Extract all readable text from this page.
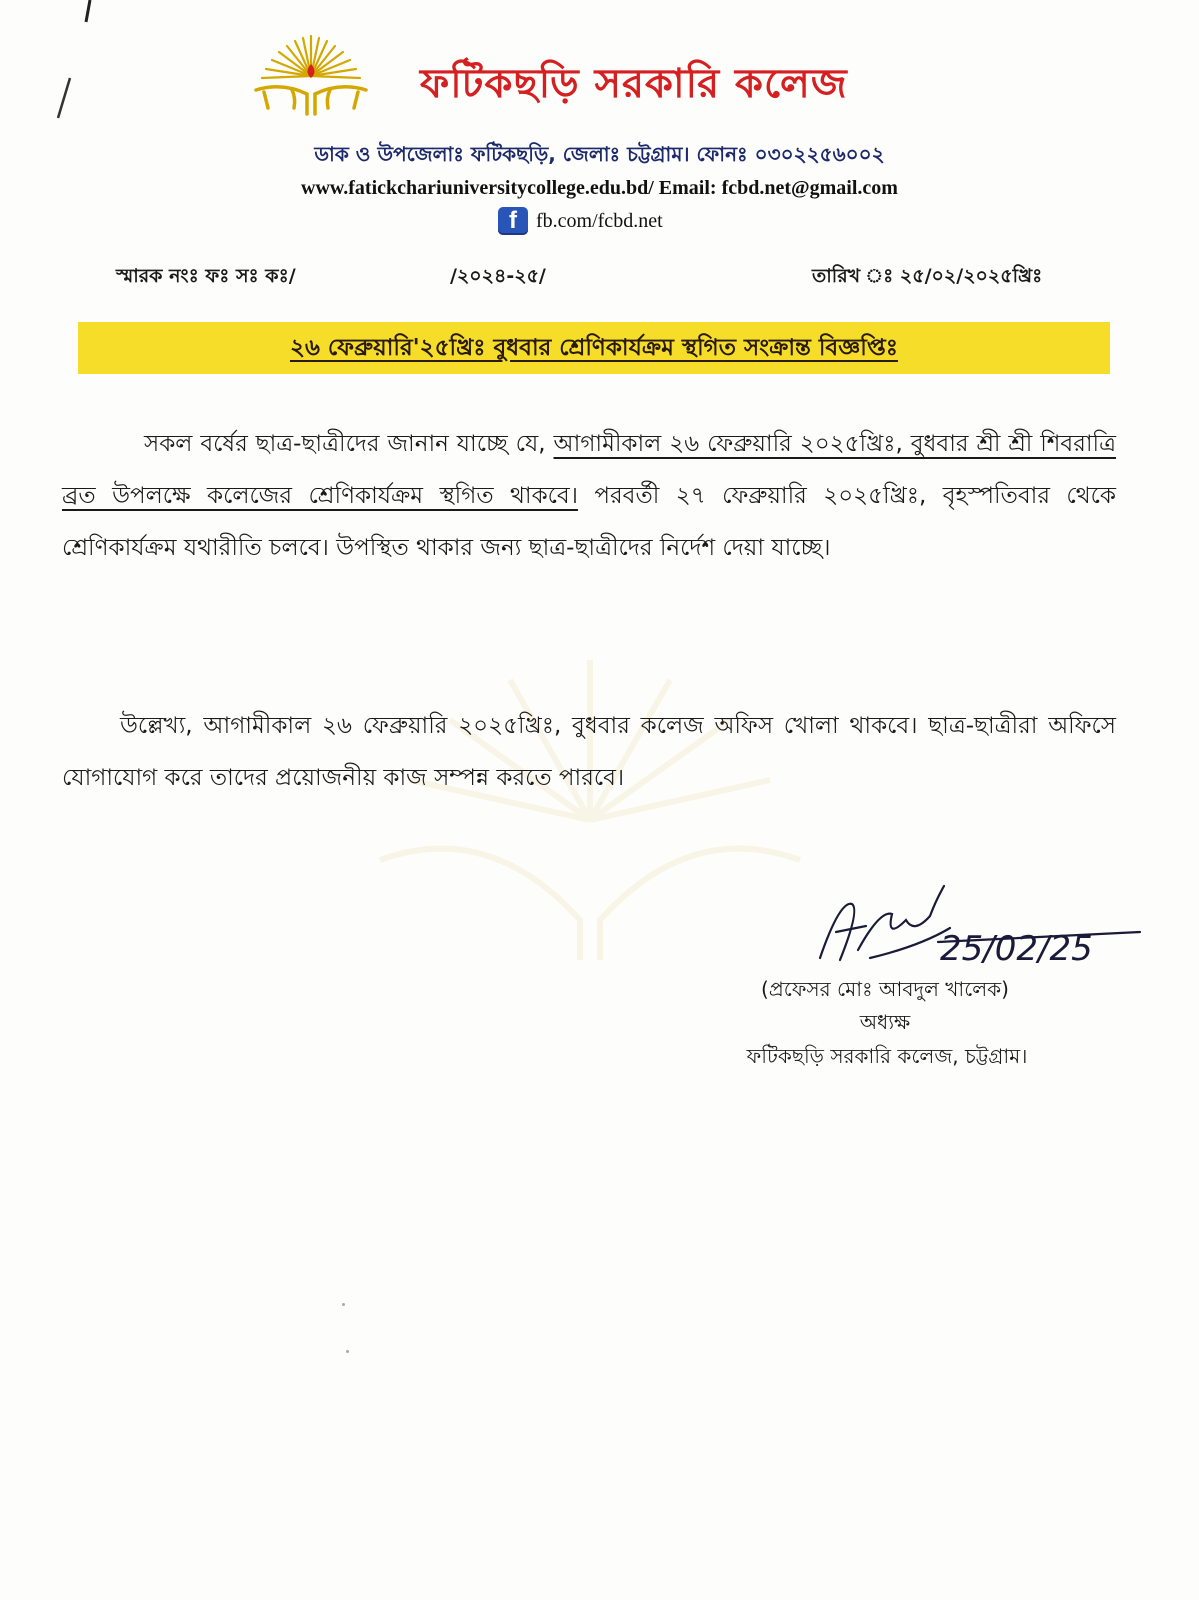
ফটিকছড়ি সরকারি কলেজ
ডাক ও উপজেলাঃ ফটিকছড়ি, জেলাঃ চট্টগ্রাম। ফোনঃ ০৩০২২৫৬০০২
www.fatickchariuniversitycollege.edu.bd/ Email: fcbd.net@gmail.com
f fb.com/fcbd.net
স্মারক নংঃ ফঃ সঃ কঃ/	/২০২৪-২৫/	তারিখ ঃ ২৫/০২/২০২৫খ্রিঃ
২৬ ফেব্রুয়ারি'২৫খ্রিঃ বুধবার শ্রেণিকার্যক্রম স্থগিত সংক্রান্ত বিজ্ঞপ্তিঃ
সকল বর্ষের ছাত্র-ছাত্রীদের জানান যাচ্ছে যে, আগামীকাল ২৬ ফেব্রুয়ারি ২০২৫খ্রিঃ, বুধবার শ্রী শ্রী শিবরাত্রি ব্রত উপলক্ষে কলেজের শ্রেণিকার্যক্রম স্থগিত থাকবে। পরবর্তী ২৭ ফেব্রুয়ারি ২০২৫খ্রিঃ, বৃহস্পতিবার থেকে শ্রেণিকার্যক্রম যথারীতি চলবে। উপস্থিত থাকার জন্য ছাত্র-ছাত্রীদের নির্দেশ দেয়া যাচ্ছে।
উল্লেখ্য, আগামীকাল ২৬ ফেব্রুয়ারি ২০২৫খ্রিঃ, বুধবার কলেজ অফিস খোলা থাকবে। ছাত্র-ছাত্রীরা অফিসে যোগাযোগ করে তাদের প্রয়োজনীয় কাজ সম্পন্ন করতে পারবে।
25/02/25
(প্রফেসর মোঃ আবদুল খালেক)
অধ্যক্ষ
ফটিকছড়ি সরকারি কলেজ, চট্টগ্রাম।
